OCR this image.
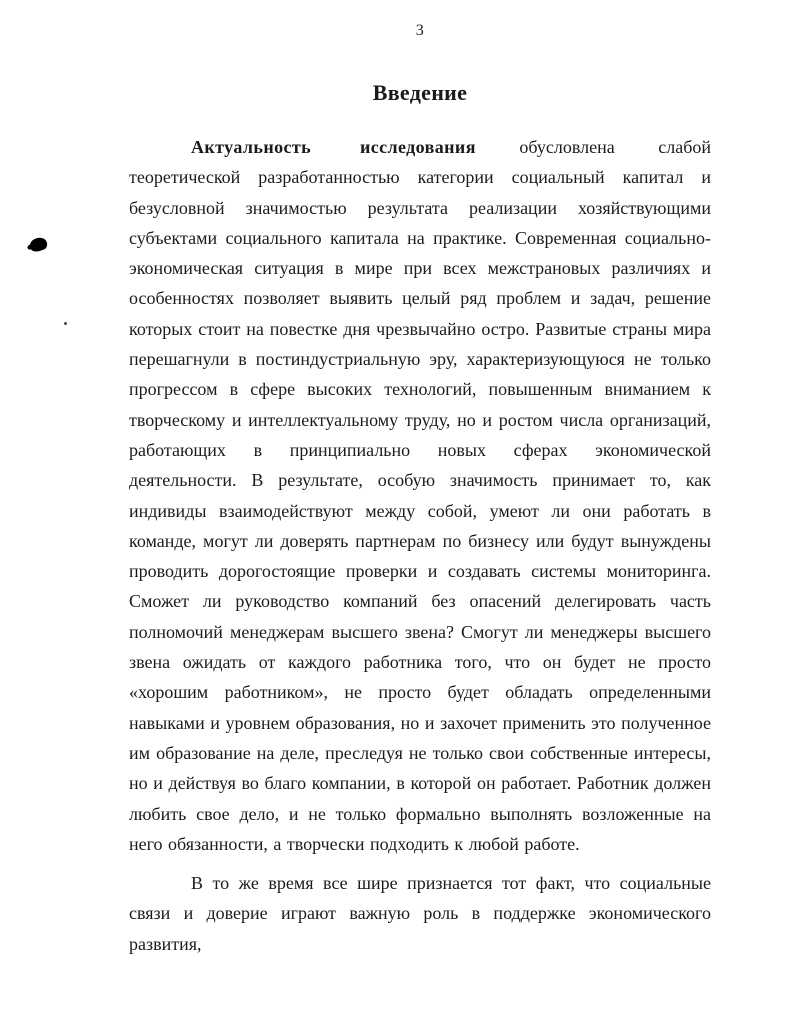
3
Введение

Актуальность исследования обусловлена слабой теоретической разработанностью категории социальный капитал и безусловной значимостью результата реализации хозяйствующими субъектами социального капитала на практике. Современная социально-экономическая ситуация в мире при всех межстрановых различиях и особенностях позволяет выявить целый ряд проблем и задач, решение которых стоит на повестке дня чрезвычайно остро. Развитые страны мира перешагнули в постиндустриальную эру, характеризующуюся не только прогрессом в сфере высоких технологий, повышенным вниманием к творческому и интеллектуальному труду, но и ростом числа организаций, работающих в принципиально новых сферах экономической деятельности. В результате, особую значимость принимает то, как индивиды взаимодействуют между собой, умеют ли они работать в команде, могут ли доверять партнерам по бизнесу или будут вынуждены проводить дорогостоящие проверки и создавать системы мониторинга. Сможет ли руководство компаний без опасений делегировать часть полномочий менеджерам высшего звена? Смогут ли менеджеры высшего звена ожидать от каждого работника того, что он будет не просто «хорошим работником», не просто будет обладать определенными навыками и уровнем образования, но и захочет применить это полученное им образование на деле, преследуя не только свои собственные интересы, но и действуя во благо компании, в которой он работает. Работник должен любить свое дело, и не только формально выполнять возложенные на него обязанности, а творчески подходить к любой работе.

В то же время все шире признается тот факт, что социальные связи и доверие играют важную роль в поддержке экономического развития,
